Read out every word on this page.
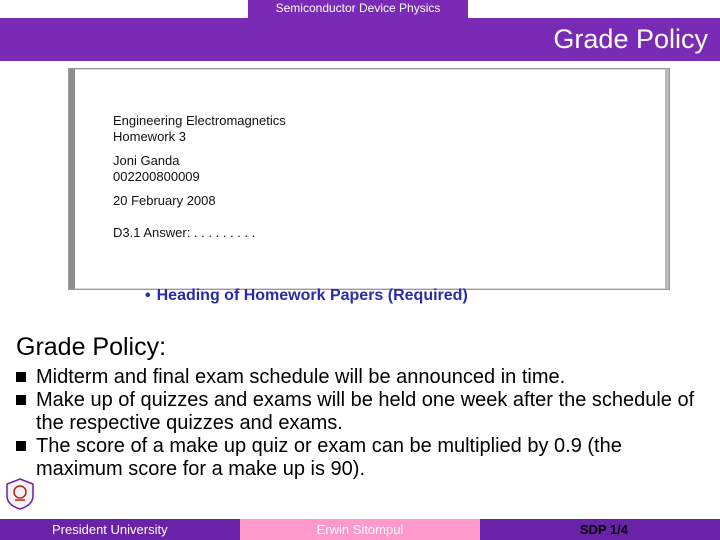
Semiconductor Device Physics
Grade Policy
Engineering Electromagnetics
Homework 3
Joni Ganda
002200800009
20 February 2008
D3.1 Answer: . . . . . . . . .
• Heading of Homework Papers (Required)
Grade Policy:
Midterm and final exam schedule will be announced in time.
Make up of quizzes and exams will be held one week after the schedule of the respective quizzes and exams.
The score of a make up quiz or exam can be multiplied by 0.9 (the maximum score for a make up is 90).
President University	Erwin Sitompul	SDP 1/4
